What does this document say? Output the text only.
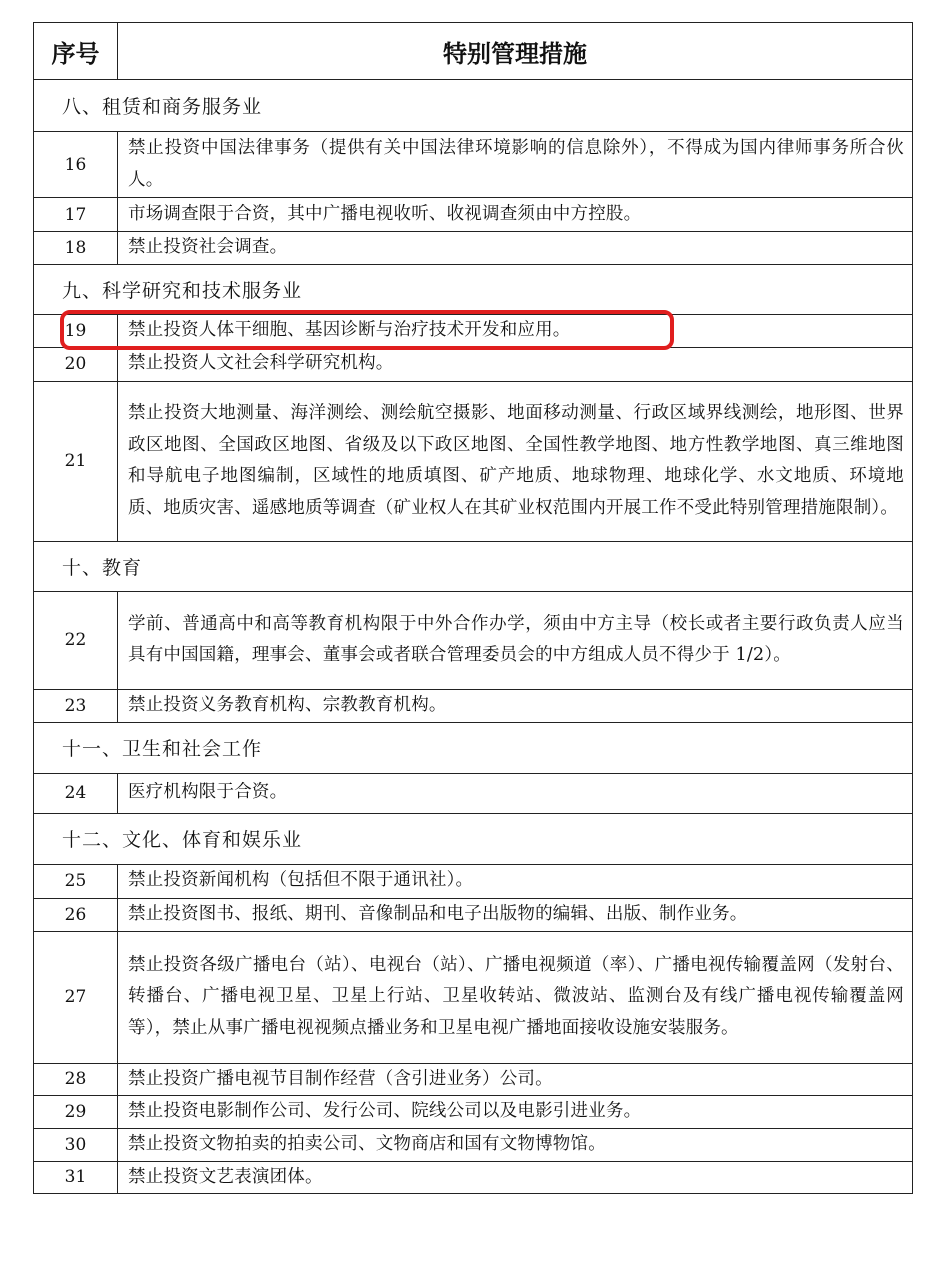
序号	特别管理措施
八、租赁和商务服务业	
16	禁止投资中国法律事务（提供有关中国法律环境影响的信息除外），不得成为国内律师事务所合伙人。
17	市场调查限于合资，其中广播电视收听、收视调查须由中方控股。
18	禁止投资社会调查。
九、科学研究和技术服务业	
19	禁止投资人体干细胞、基因诊断与治疗技术开发和应用。
20	禁止投资人文社会科学研究机构。
21	禁止投资大地测量、海洋测绘、测绘航空摄影、地面移动测量、行政区域界线测绘，地形图、世界政区地图、全国政区地图、省级及以下政区地图、全国性教学地图、地方性教学地图、真三维地图和导航电子地图编制，区域性的地质填图、矿产地质、地球物理、地球化学、水文地质、环境地质、地质灾害、遥感地质等调查（矿业权人在其矿业权范围内开展工作不受此特别管理措施限制）。
十、教育	
22	学前、普通高中和高等教育机构限于中外合作办学，须由中方主导（校长或者主要行政负责人应当具有中国国籍，理事会、董事会或者联合管理委员会的中方组成人员不得少于 1/2）。
23	禁止投资义务教育机构、宗教教育机构。
十一、卫生和社会工作	
24	医疗机构限于合资。
十二、文化、体育和娱乐业	
25	禁止投资新闻机构（包括但不限于通讯社）。
26	禁止投资图书、报纸、期刊、音像制品和电子出版物的编辑、出版、制作业务。
27	禁止投资各级广播电台（站）、电视台（站）、广播电视频道（率）、广播电视传输覆盖网（发射台、转播台、广播电视卫星、卫星上行站、卫星收转站、微波站、监测台及有线广播电视传输覆盖网等），禁止从事广播电视视频点播业务和卫星电视广播地面接收设施安装服务。
28	禁止投资广播电视节目制作经营（含引进业务）公司。
29	禁止投资电影制作公司、发行公司、院线公司以及电影引进业务。
30	禁止投资文物拍卖的拍卖公司、文物商店和国有文物博物馆。
31	禁止投资文艺表演团体。
